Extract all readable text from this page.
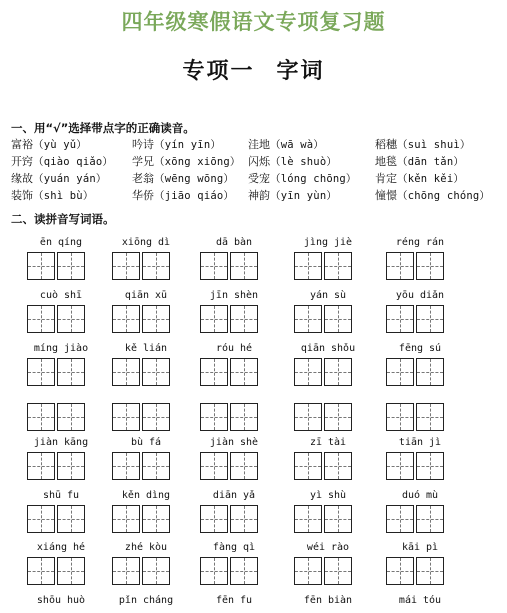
四年级寒假语文专项复习题
专项一 字词
一、用“√”选择带点字的正确读音。
富裕（yù yǔ）	吟诗（yín yīn） 洼地（wā wà）	稻穗（suì shuì）
开窍（qiào qiǎo） 学兄（xōng xiōng） 闪烁（lè shuò）	地毯（dān tǎn）
缘故（yuán yán） 老翁（wēng wōng） 受宠（lóng chōng） 肯定（kěn kěi）
装饰（shì bù）	华侨（jiāo qiáo） 神韵（yīn yùn）	憧憬（chōng chóng）
二、读拼音写词语。
ēn qíng	xiōng dì	dā bàn	jìng jiè	réng rán
cuò shī	qiān xū	jīn shèn	yán sù	yōu diǎn
míng jiào	kě lián	róu hé	qiān shǒu	fēng sú
jiàn kāng	bù fá	jiàn shè	zī tài	tiān jì
shū fu	kěn dìng	diān yǎ	yì shù	duó mù
xiáng hé	zhé kòu	fàng qì	wéi rào	kāi pì
shōu huò	pǐn cháng	fēn fu	fēn biàn	mái tóu
